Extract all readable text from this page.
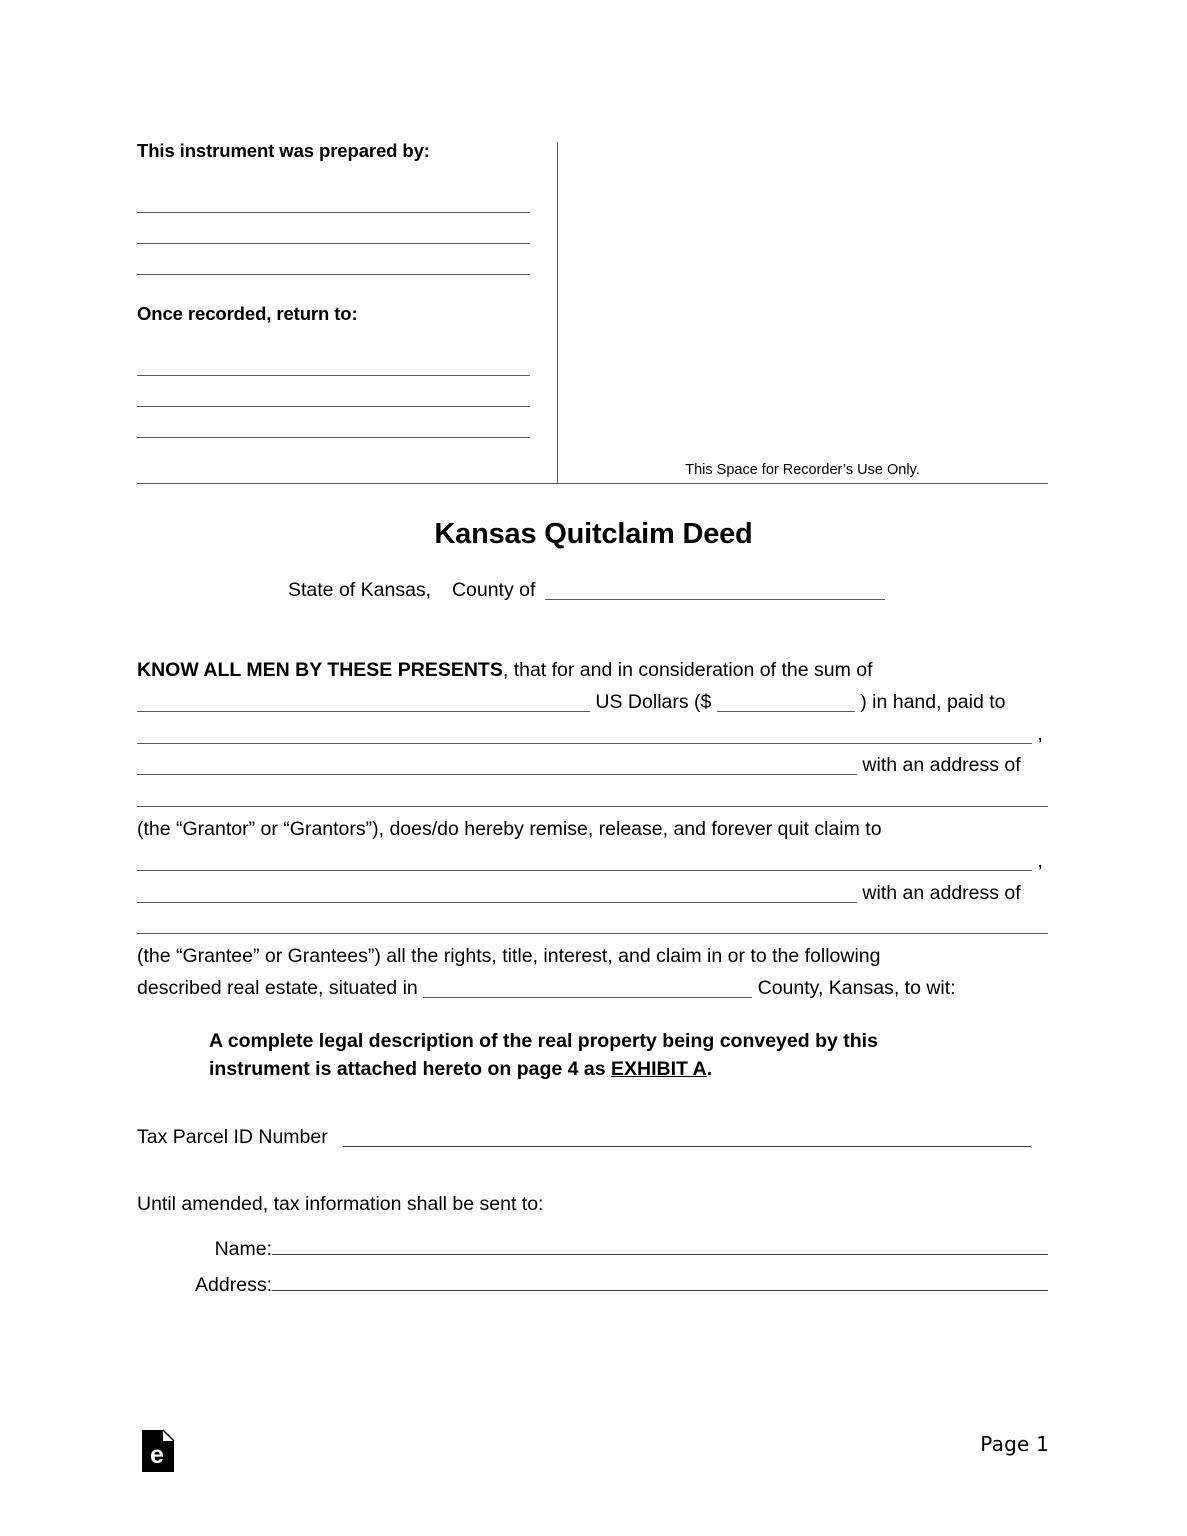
This instrument was prepared by:
Once recorded, return to:
This Space for Recorder’s Use Only.
Kansas Quitclaim Deed
State of Kansas, County of
KNOW ALL MEN BY THESE PRESENTS, that for and in consideration of the sum of
US Dollars ($	) in hand, paid to
,
with an address of
(the “Grantor” or “Grantors”), does/do hereby remise, release, and forever quit claim to
,
with an address of
(the “Grantee” or Grantees”) all the rights, title, interest, and claim in or to the following
described real estate, situated in	County, Kansas, to wit:
A complete legal description of the real property being conveyed by this
instrument is attached hereto on page 4 as EXHIBIT A.
Tax Parcel ID Number
Until amended, tax information shall be sent to:
Name:
Address:
e	Page 1
